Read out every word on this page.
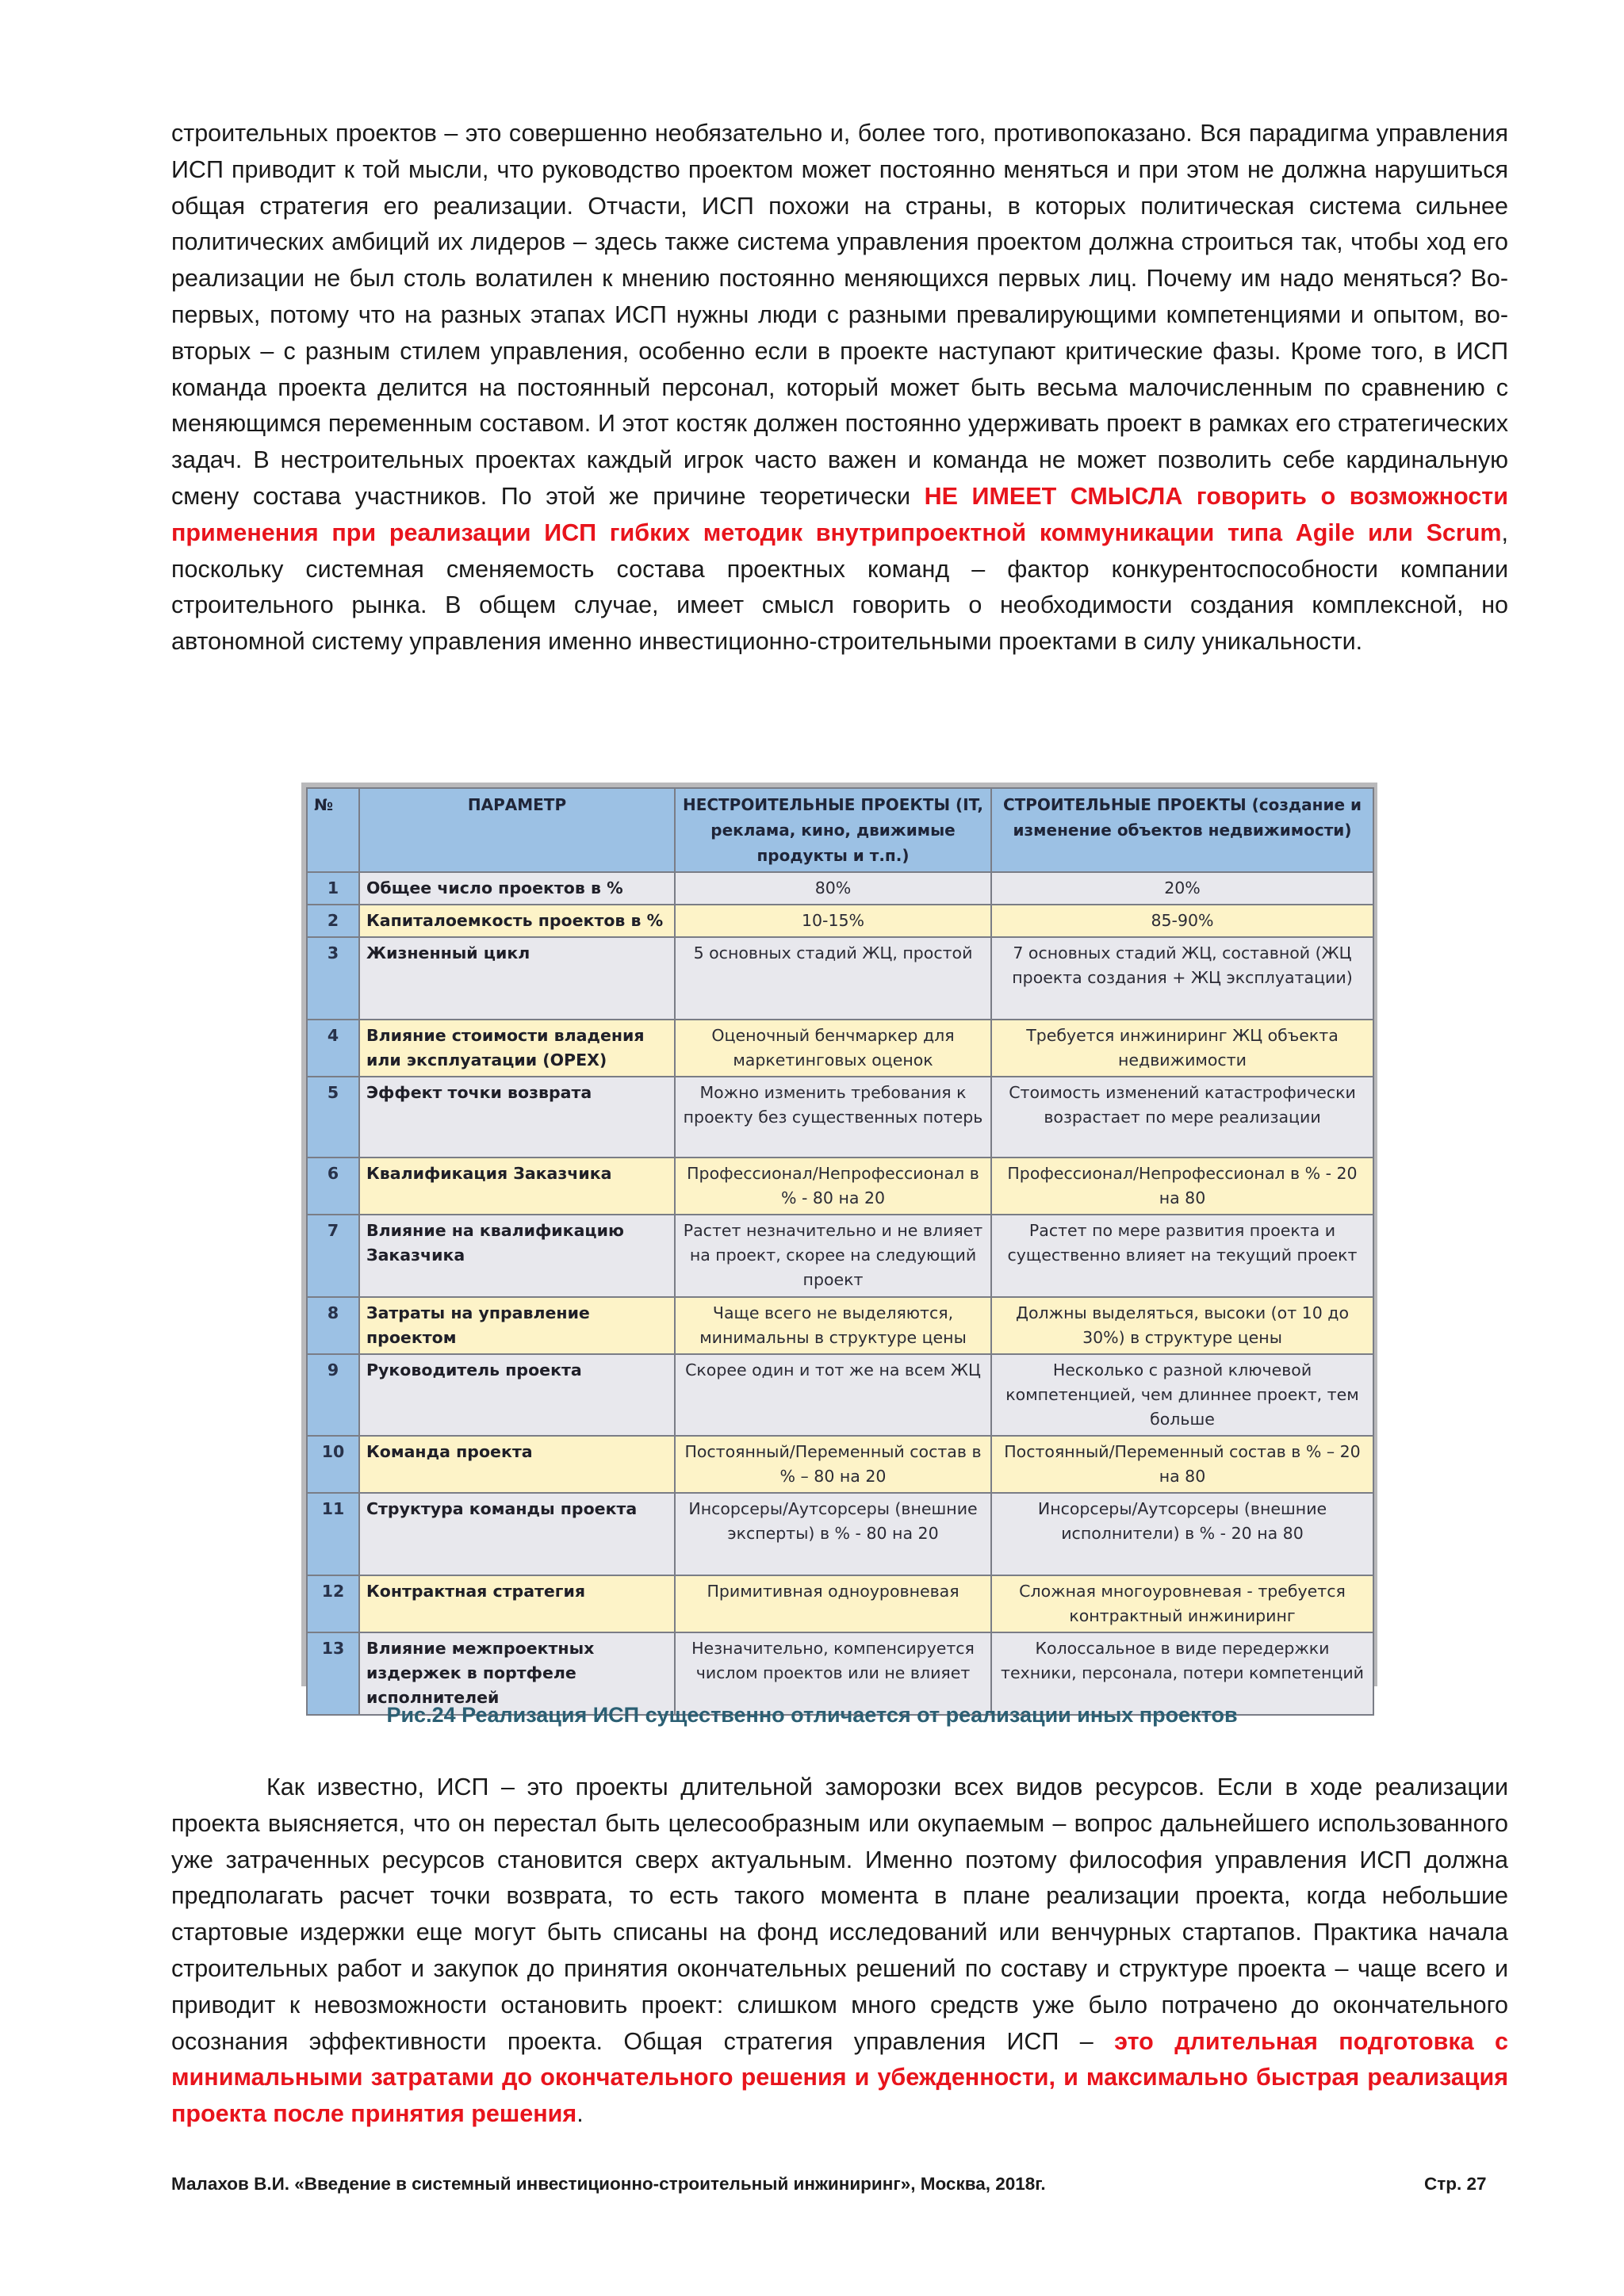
строительных проектов – это совершенно необязательно и, более того, противопоказано. Вся парадигма управления ИСП приводит к той мысли, что руководство проектом может постоянно меняться и при этом не должна нарушиться общая стратегия его реализации. Отчасти, ИСП похожи на страны, в которых политическая система сильнее политических амбиций их лидеров – здесь также система управления проектом должна строиться так, чтобы ход его реализации не был столь волатилен к мнению постоянно меняющихся первых лиц. Почему им надо меняться? Во-первых, потому что на разных этапах ИСП нужны люди с разными превалирующими компетенциями и опытом, во-вторых – с разным стилем управления, особенно если в проекте наступают критические фазы. Кроме того, в ИСП команда проекта делится на постоянный персонал, который может быть весьма малочисленным по сравнению с меняющимся переменным составом. И этот костяк должен постоянно удерживать проект в рамках его стратегических задач. В нестроительных проектах каждый игрок часто важен и команда не может позволить себе кардинальную смену состава участников. По этой же причине теоретически НЕ ИМЕЕТ СМЫСЛА говорить о возможности применения при реализации ИСП гибких методик внутрипроектной коммуникации типа Agile или Scrum, поскольку системная сменяемость состава проектных команд – фактор конкурентоспособности компании строительного рынка. В общем случае, имеет смысл говорить о необходимости создания комплексной, но автономной систему управления именно инвестиционно-строительными проектами в силу уникальности.

№	ПАРАМЕТР	НЕСТРОИТЕЛЬНЫЕ ПРОЕКТЫ (IT, реклама, кино, движимые продукты и т.п.)	СТРОИТЕЛЬНЫЕ ПРОЕКТЫ (создание и изменение объектов недвижимости)
1	Общее число проектов в %	80%	20%
2	Капиталоемкость проектов в %	10-15%	85-90%
3	Жизненный цикл	5 основных стадий ЖЦ, простой	7 основных стадий ЖЦ, составной (ЖЦ проекта создания + ЖЦ эксплуатации)
4	Влияние стоимости владения или эксплуатации (OPEX)	Оценочный бенчмаркер для маркетинговых оценок	Требуется инжиниринг ЖЦ объекта недвижимости
5	Эффект точки возврата	Можно изменить требования к проекту без существенных потерь	Стоимость изменений катастрофически возрастает по мере реализации
6	Квалификация Заказчика	Профессионал/Непрофессионал в % - 80 на 20	Профессионал/Непрофессионал в % - 20 на 80
7	Влияние на квалификацию Заказчика	Растет незначительно и не влияет на проект, скорее на следующий проект	Растет по мере развития проекта и существенно влияет на текущий проект
8	Затраты на управление проектом	Чаще всего не выделяются, минимальны в структуре цены	Должны выделяться, высоки (от 10 до 30%) в структуре цены
9	Руководитель проекта	Скорее один и тот же на всем ЖЦ	Несколько с разной ключевой компетенцией, чем длиннее проект, тем больше
10	Команда проекта	Постоянный/Переменный состав в % – 80 на 20	Постоянный/Переменный состав в % – 20 на 80
11	Структура команды проекта	Инсорсеры/Аутсорсеры (внешние эксперты) в % - 80 на 20	Инсорсеры/Аутсорсеры (внешние исполнители) в % - 20 на 80
12	Контрактная стратегия	Примитивная одноуровневая	Сложная многоуровневая - требуется контрактный инжиниринг
13	Влияние межпроектных издержек в портфеле исполнителей	Незначительно, компенсируется числом проектов или не влияет	Колоссальное в виде передержки техники, персонала, потери компетенций
Рис.24 Реализация ИСП существенно отличается от реализации иных проектов

Как известно, ИСП – это проекты длительной заморозки всех видов ресурсов. Если в ходе реализации проекта выясняется, что он перестал быть целесообразным или окупаемым – вопрос дальнейшего использованного уже затраченных ресурсов становится сверх актуальным. Именно поэтому философия управления ИСП должна предполагать расчет точки возврата, то есть такого момента в плане реализации проекта, когда небольшие стартовые издержки еще могут быть списаны на фонд исследований или венчурных стартапов. Практика начала строительных работ и закупок до принятия окончательных решений по составу и структуре проекта – чаще всего и приводит к невозможности остановить проект: слишком много средств уже было потрачено до окончательного осознания эффективности проекта. Общая стратегия управления ИСП – это длительная подготовка с минимальными затратами до окончательного решения и убежденности, и максимально быстрая реализация проекта после принятия решения.

Малахов В.И. «Введение в системный инвестиционно-строительный инжиниринг», Москва, 2018г.	Стр. 27
